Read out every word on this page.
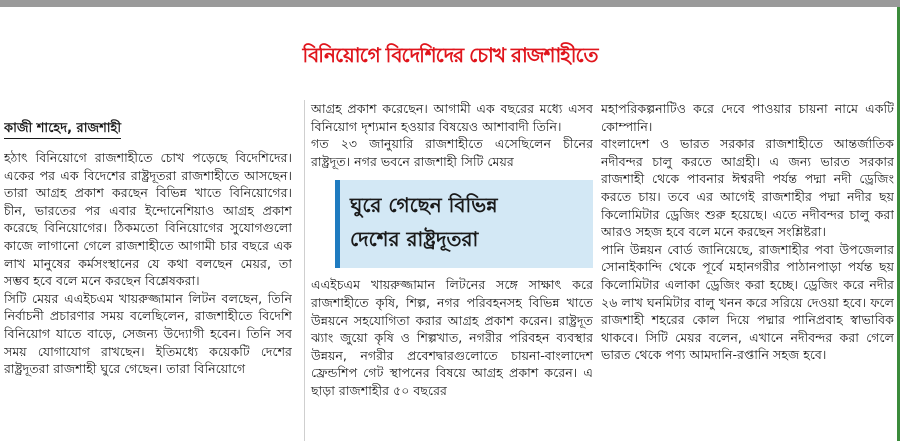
বিনিয়োগে বিদেশিদের চোখ রাজশাহীতে
কাজী শাহেদ, রাজশাহী

হঠাৎ বিনিয়োগে রাজশাহীতে চোখ পড়েছে বিদেশিদের। একের পর এক বিদেশের রাষ্ট্রদূতরা রাজশাহীতে আসছেন। তারা আগ্রহ প্রকাশ করছেন বিভিন্ন খাতে বিনিয়োগের। চীন, ভারতের পর এবার ইন্দোনেশিয়াও আগ্রহ প্রকাশ করেছে বিনিয়োগের। ঠিকমতো বিনিয়োগের সুযোগগুলো কাজে লাগানো গেলে রাজশাহীতে আগামী চার বছরে এক লাখ মানুষের কর্মসংস্থানের যে কথা বলছেন মেয়র, তা সম্ভব হবে বলে মনে করছেন বিশ্লেষকরা।

সিটি মেয়র এএইচএম খায়রুজ্জামান লিটন বলছেন, তিনি নির্বাচনী প্রচারণার সময় বলেছিলেন, রাজশাহীতে বিদেশি বিনিয়োগ যাতে বাড়ে, সেজন্য উদ্যোগী হবেন। তিনি সব সময় যোগাযোগ রাখছেন। ইতিমধ্যে কয়েকটি দেশের রাষ্ট্রদূতরা রাজশাহী ঘুরে গেছেন। তারা বিনিয়োগে

আগ্রহ প্রকাশ করেছেন। আগামী এক বছরের মধ্যে এসব বিনিয়োগ দৃশ্যমান হওয়ার বিষয়েও আশাবাদী তিনি।

গত ২৩ জানুয়ারি রাজশাহীতে এসেছিলেন চীনের রাষ্ট্রদূত। নগর ভবনে রাজশাহী সিটি মেয়র

ঘুরে গেছেন বিভিন্ন
দেশের রাষ্ট্রদূতরা

এএইচএম খায়রুজ্জামান লিটনের সঙ্গে সাক্ষাৎ করে রাজশাহীতে কৃষি, শিল্প, নগর পরিবহনসহ বিভিন্ন খাতে উন্নয়নে সহযোগিতা করার আগ্রহ প্রকাশ করেন। রাষ্ট্রদূত ঝ্যাং জুয়ো কৃষি ও শিল্পখাত, নগরীর পরিবহন ব্যবস্থার উন্নয়ন, নগরীর প্রবেশদ্বারগুলোতে চায়না-বাংলাদেশ ফ্রেন্ডশিপ গেট স্থাপনের বিষয়ে আগ্রহ প্রকাশ করেন। এ ছাড়া রাজশাহীর ৫০ বছরের

মহাপরিকল্পনাটিও করে দেবে পাওয়ার চায়না নামে একটি কোম্পানি।

বাংলাদেশ ও ভারত সরকার রাজশাহীতে আন্তর্জাতিক নদীবন্দর চালু করতে আগ্রহী। এ জন্য ভারত সরকার রাজশাহী থেকে পাবনার ঈশ্বরদী পর্যন্ত পদ্মা নদী ড্রেজিং করতে চায়। তবে এর আগেই রাজশাহীর পদ্মা নদীর ছয় কিলোমিটার ড্রেজিং শুরু হয়েছে। এতে নদীবন্দর চালু করা আরও সহজ হবে বলে মনে করছেন সংশ্লিষ্টরা।

পানি উন্নয়ন বোর্ড জানিয়েছে, রাজশাহীর পবা উপজেলার সোনাইকান্দি থেকে পূর্বে মহানগরীর পাঠানপাড়া পর্যন্ত ছয় কিলোমিটার এলাকা ড্রেজিং করা হচ্ছে। ড্রেজিং করে নদীর ২৬ লাখ ঘনমিটার বালু খনন করে সরিয়ে দেওয়া হবে। ফলে রাজশাহী শহরের কোল দিয়ে পদ্মার পানিপ্রবাহ স্বাভাবিক থাকবে। সিটি মেয়র বলেন, এখানে নদীবন্দর করা গেলে ভারত থেকে পণ্য আমদানি-রপ্তানি সহজ হবে।
